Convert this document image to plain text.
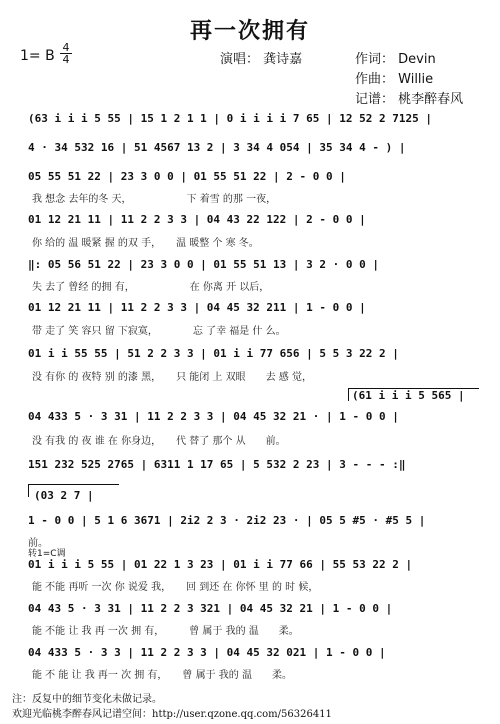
再一次拥有
1= B
4
4	演唱： 龚诗嘉	作词： Devin
作曲： Willie
记谱： 桃李醉春风
(63 i i i 5 55 | 15 1 2 1 1 | 0 i i i i 7 65 | 12 52 2 7125 |
4 · 34 532 16 | 51 4567 13 2 | 3 34 4 054 | 35 34 4 - ) |
05 55 51 22 | 23 3 0 0 | 01 55 51 22 | 2 - 0 0 |
我 想念 去年的冬 天，　　　　　　下 着雪 的那 一夜，
01 12 21 11 | 11 2 2 3 3 | 04 43 22 122 | 2 - 0 0 |
你 给的 温 暖紧 握 的双 手，　　温 暖整 个 寒 冬。
‖: 05 56 51 22 | 23 3 0 0 | 01 55 51 13 | 3 2 · 0 0 |
失 去了 曾经 的拥 有，　　　　　　在 你离 开 以后，
01 12 21 11 | 11 2 2 3 3 | 04 45 32 211 | 1 - 0 0 |
带 走了 笑 容只 留 下寂寞，　　　　忘 了幸 福是 什 么。
01 i i 55 55 | 51 2 2 3 3 | 01 i i 77 656 | 5 5 3 22 2 |
没 有你 的 夜特 别 的漆 黑，　　只 能闭 上 双眼　　去 感 觉，
(61 i i i 5 565 |
04 433 5 · 3 31 | 11 2 2 3 3 | 04 45 32 21 · | 1 - 0 0 |
没 有我 的 夜 谁 在 你身边，　　代 替了 那个 从　　前。
151 232 525 2765 | 6311 1 17 65 | 5 532 2 23 | 3 - - - :‖
(03 2 7 |
1 - 0 0 | 5 1 6 3671 | 2i2 2 3 · 2i2 23 · | 05 5 #5 · #5 5 |
前。
转1=C调
01 i i i 5 55 | 01 22 1 3 23 | 01 i i 77 66 | 55 53 22 2 |
能 不能 再听 一次 你 说爱 我，　　回 到还 在 你怀 里 的 时 候，
04 43 5 · 3 31 | 11 2 2 3 321 | 04 45 32 21 | 1 - 0 0 |
能 不能 让 我 再 一次 拥 有，　　　曾 属于 我的 温　　柔。
04 433 5 · 3 3 | 11 2 2 3 3 | 04 45 32 021 | 1 - 0 0 |
能 不 能 让 我 再一 次 拥 有，　　曾 属于 我的 温　　柔。
注：反复中的细节变化未做记录。
欢迎光临桃李醉春风记谱空间：http://user.qzone.qq.com/56326411
